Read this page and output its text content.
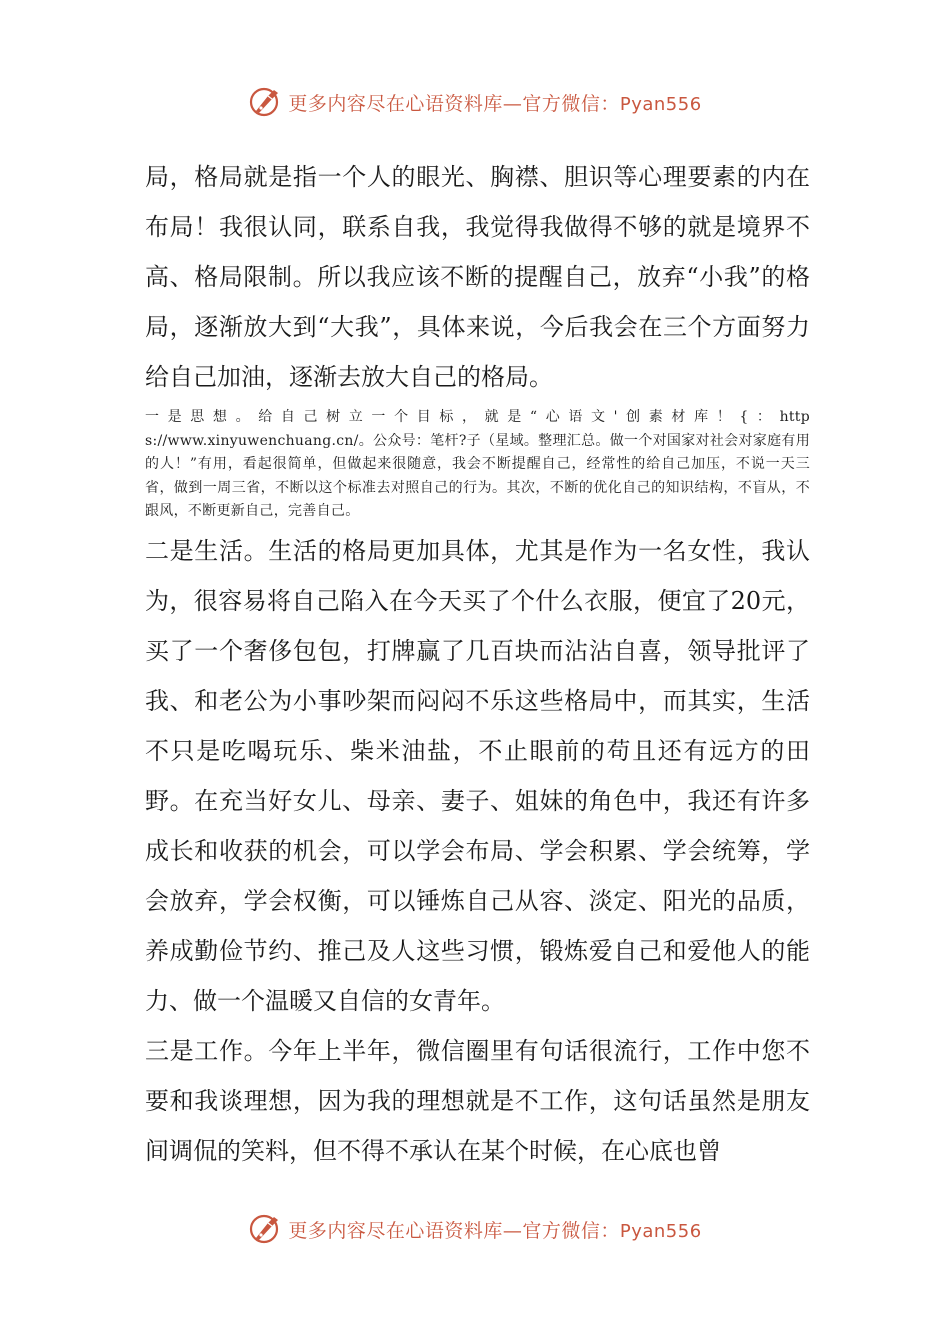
更多内容尽在心语资料库—官方微信：Pyan556

局，格局就是指一个人的眼光、胸襟、胆识等心理要素的内在布局！我很认同，联系自我，我觉得我做得不够的就是境界不高、格局限制。所以我应该不断的提醒自己，放弃“小我”的格局，逐渐放大到“大我”，具体来说，今后我会在三个方面努力给自己加油，逐渐去放大自己的格局。

一是思想。给自己树立一个目标，就是“心语文'创素材库！{：https://www.xinyuwenchuang.cn/。公众号：笔杆?子（星域。整理汇总。做一个对国家对社会对家庭有用的人！”有用，看起很简单，但做起来很随意，我会不断提醒自己，经常性的给自己加压，不说一天三省，做到一周三省，不断以这个标准去对照自己的行为。其次，不断的优化自己的知识结构，不盲从，不跟风，不断更新自己，完善自己。

二是生活。生活的格局更加具体，尤其是作为一名女性，我认为，很容易将自己陷入在今天买了个什么衣服，便宜了20元，买了一个奢侈包包，打牌赢了几百块而沾沾自喜，领导批评了我、和老公为小事吵架而闷闷不乐这些格局中，而其实，生活不只是吃喝玩乐、柴米油盐，不止眼前的苟且还有远方的田野。在充当好女儿、母亲、妻子、姐妹的角色中，我还有许多成长和收获的机会，可以学会布局、学会积累、学会统筹，学会放弃，学会权衡，可以锤炼自己从容、淡定、阳光的品质，养成勤俭节约、推己及人这些习惯，锻炼爱自己和爱他人的能力、做一个温暖又自信的女青年。

三是工作。今年上半年，微信圈里有句话很流行，工作中您不要和我谈理想，因为我的理想就是不工作，这句话虽然是朋友间调侃的笑料，但不得不承认在某个时候，在心底也曾

更多内容尽在心语资料库—官方微信：Pyan556
